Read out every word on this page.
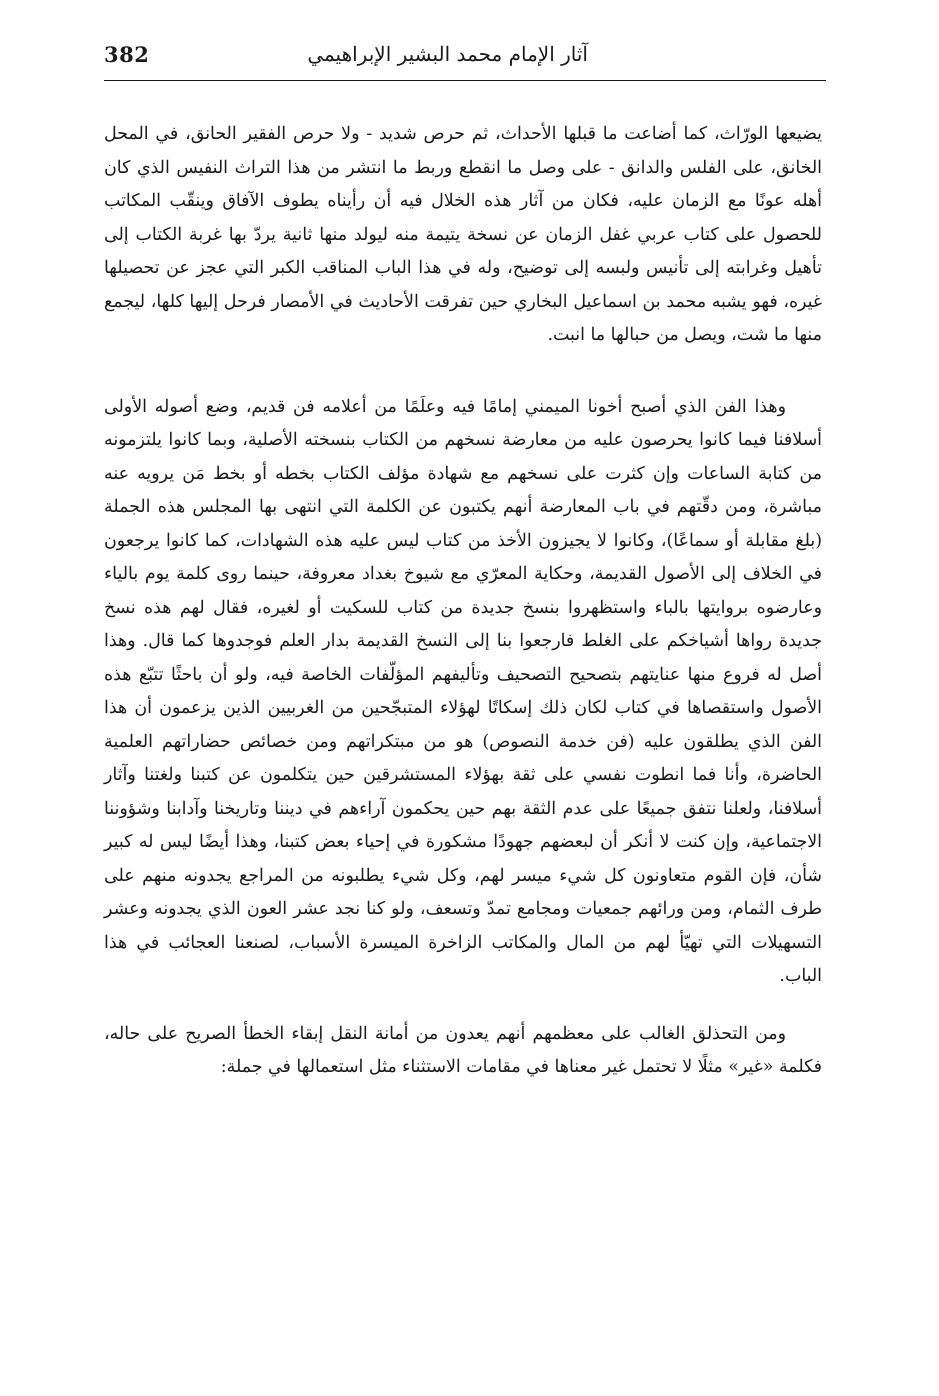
382	آثار الإمام محمد البشير الإبراهيمي

يضيعها الورّاث، كما أضاعت ما قبلها الأحداث، ثم حرص شديد - ولا حرص الفقير الحانق، في المحل الخانق، على الفلس والدانق - على وصل ما انقطع وربط ما انتشر من هذا التراث النفيس الذي كان أهله عونًا مع الزمان عليه، فكان من آثار هذه الخلال فيه أن رأيناه يطوف الآفاق وينقّب المكاتب للحصول على كتاب عربي غفل الزمان عن نسخة يتيمة منه ليولد منها ثانية يردّ بها غربة الكتاب إلى تأهيل وغرابته إلى تأنيس ولبسه إلى توضيح، وله في هذا الباب المناقب الكبر التي عجز عن تحصيلها غيره، فهو يشبه محمد بن اسماعيل البخاري حين تفرقت الأحاديث في الأمصار فرحل إليها كلها، ليجمع منها ما شت، ويصل من حبالها ما انبت.

وهذا الفن الذي أصبح أخونا الميمني إمامًا فيه وعلَمًا من أعلامه فن قديم، وضع أصوله الأولى أسلافنا فيما كانوا يحرصون عليه من معارضة نسخهم من الكتاب بنسخته الأصلية، وبما كانوا يلتزمونه من كتابة الساعات وإن كثرت على نسخهم مع شهادة مؤلف الكتاب بخطه أو بخط مَن يرويه عنه مباشرة، ومن دقّتهم في باب المعارضة أنهم يكتبون عن الكلمة التي انتهى بها المجلس هذه الجملة (بلغ مقابلة أو سماعًا)، وكانوا لا يجيزون الأخذ من كتاب ليس عليه هذه الشهادات، كما كانوا يرجعون في الخلاف إلى الأصول القديمة، وحكاية المعرّي مع شيوخ بغداد معروفة، حينما روى كلمة يوم بالياء وعارضوه بروايتها بالباء واستظهروا بنسخ جديدة من كتاب للسكيت أو لغيره، فقال لهم هذه نسخ جديدة رواها أشياخكم على الغلط فارجعوا بنا إلى النسخ القديمة بدار العلم فوجدوها كما قال. وهذا أصل له فروع منها عنايتهم بتصحيح التصحيف وتأليفهم المؤلّفات الخاصة فيه، ولو أن باحثًا تتبّع هذه الأصول واستقصاها في كتاب لكان ذلك إسكاتًا لهؤلاء المتبجّحين من الغربيين الذين يزعمون أن هذا الفن الذي يطلقون عليه (فن خدمة النصوص) هو من مبتكراتهم ومن خصائص حضاراتهم العلمية الحاضرة، وأنا فما انطوت نفسي على ثقة بهؤلاء المستشرقين حين يتكلمون عن كتبنا ولغتنا وآثار أسلافنا، ولعلنا نتفق جميعًا على عدم الثقة بهم حين يحكمون آراءهم في ديننا وتاريخنا وآدابنا وشؤوننا الاجتماعية، وإن كنت لا أنكر أن لبعضهم جهودًا مشكورة في إحياء بعض كتبنا، وهذا أيضًا ليس له كبير شأن، فإن القوم متعاونون كل شيء ميسر لهم، وكل شيء يطلبونه من المراجع يجدونه منهم على طرف الثمام، ومن ورائهم جمعيات ومجامع تمدّ وتسعف، ولو كنا نجد عشر العون الذي يجدونه وعشر التسهيلات التي تهيّأ لهم من المال والمكاتب الزاخرة الميسرة الأسباب، لصنعنا العجائب في هذا الباب.

ومن التحذلق الغالب على معظمهم أنهم يعدون من أمانة النقل إبقاء الخطأ الصريح على حاله، فكلمة «غير» مثلًا لا تحتمل غير معناها في مقامات الاستثناء مثل استعمالها في جملة:
